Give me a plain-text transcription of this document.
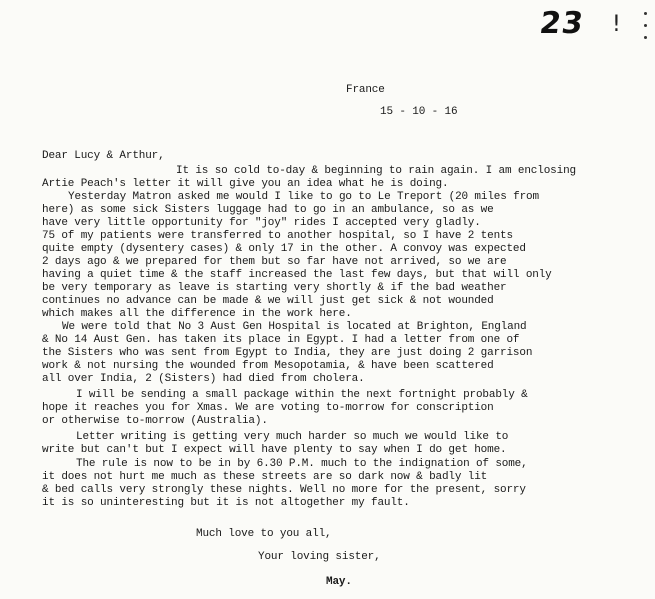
23 !
France
15 - 10 - 16
Dear Lucy & Arthur,
It is so cold to-day & beginning to rain again. I am enclosing
Artie Peach's letter it will give you an idea what he is doing.
Yesterday Matron asked me would I like to go to Le Treport (20 miles from
here) as some sick Sisters luggage had to go in an ambulance, so as we
have very little opportunity for "joy" rides I accepted very gladly.
75 of my patients were transferred to another hospital, so I have 2 tents
quite empty (dysentery cases) & only 17 in the other. A convoy was expected
2 days ago & we prepared for them but so far have not arrived, so we are
having a quiet time & the staff increased the last few days, but that will only
be very temporary as leave is starting very shortly & if the bad weather
continues no advance can be made & we will just get sick & not wounded
which makes all the difference in the work here.
We were told that No 3 Aust Gen Hospital is located at Brighton, England
& No 14 Aust Gen. has taken its place in Egypt. I had a letter from one of
the Sisters who was sent from Egypt to India, they are just doing 2 garrison
work & not nursing the wounded from Mesopotamia, & have been scattered
all over India, 2 (Sisters) had died from cholera.
I will be sending a small package within the next fortnight probably &
hope it reaches you for Xmas. We are voting to-morrow for conscription
or otherwise to-morrow (Australia).
Letter writing is getting very much harder so much we would like to
write but can't but I expect will have plenty to say when I do get home.
The rule is now to be in by 6.30 P.M. much to the indignation of some,
it does not hurt me much as these streets are so dark now & badly lit
& bed calls very strongly these nights. Well no more for the present, sorry
it is so uninteresting but it is not altogether my fault.
Much love to you all,
Your loving sister,
May.
